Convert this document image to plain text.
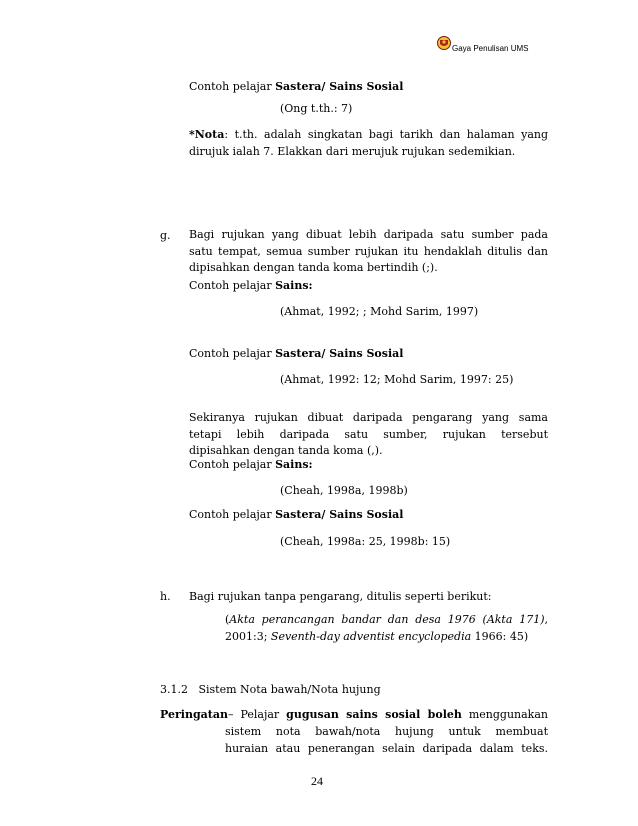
Gaya Penulisan UMS
Contoh pelajar Sastera/ Sains Sosial
(Ong t.th.: 7)
*Nota: t.th. adalah singkatan bagi tarikh dan halaman yang
dirujuk ialah 7. Elakkan dari merujuk rujukan sedemikian.
g. Bagi rujukan yang dibuat lebih daripada satu sumber pada
satu tempat, semua sumber rujukan itu hendaklah ditulis dan
dipisahkan dengan tanda koma bertindih (;).
Contoh pelajar Sains:
(Ahmat, 1992; ; Mohd Sarim, 1997)
Contoh pelajar Sastera/ Sains Sosial
(Ahmat, 1992: 12; Mohd Sarim, 1997: 25)
Sekiranya rujukan dibuat daripada pengarang yang sama
tetapi lebih daripada satu sumber, rujukan tersebut
dipisahkan dengan tanda koma (,).
Contoh pelajar Sains:
(Cheah, 1998a, 1998b)
Contoh pelajar Sastera/ Sains Sosial
(Cheah, 1998a: 25, 1998b: 15)
h. Bagi rujukan tanpa pengarang, ditulis seperti berikut:
(Akta perancangan bandar dan desa 1976 (Akta 171),
2001:3; Seventh-day adventist encyclopedia 1966: 45)
3.1.2   Sistem Nota bawah/Nota hujung
Peringatan– Pelajar gugusan sains sosial boleh menggunakan
sistem nota bawah/nota hujung untuk membuat
huraian atau penerangan selain daripada dalam teks.
24
